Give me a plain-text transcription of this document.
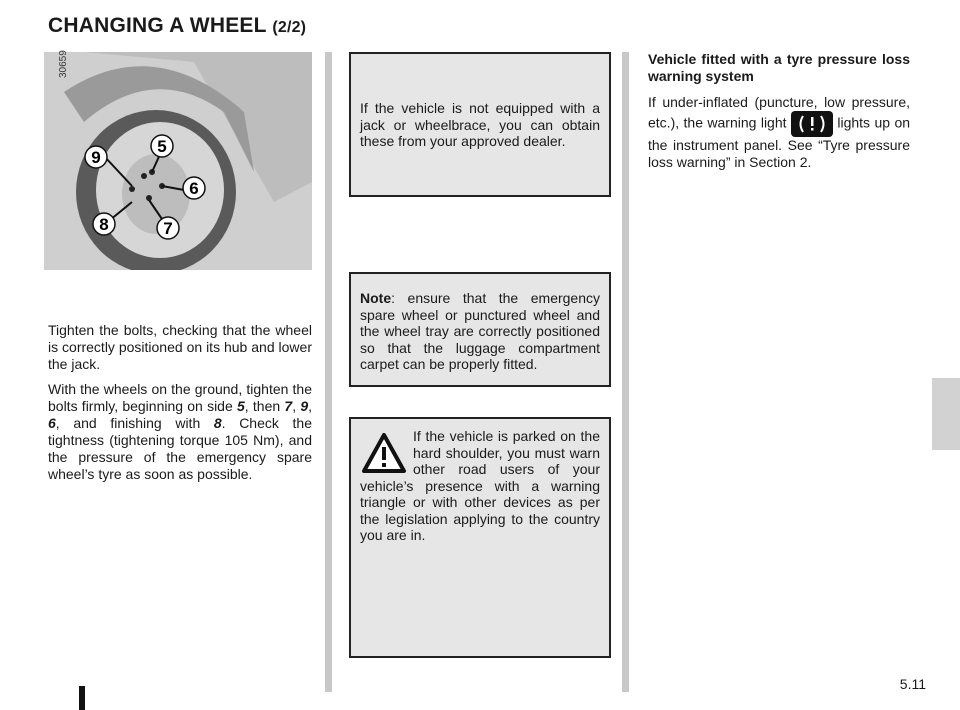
CHANGING A WHEEL (2/2)
9
5
6
8	7
30659
Tighten the bolts, checking that the wheel is correctly positioned on its hub and lower the jack.
With the wheels on the ground, tighten the bolts firmly, beginning on side 5, then 7, 9, 6, and finishing with 8. Check the tightness (tightening torque 105 Nm), and the pressure of the emergency spare wheel’s tyre as soon as possible.

If the vehicle is not equipped with a jack or wheelbrace, you can obtain these from your approved dealer.

Note: ensure that the emergency spare wheel or punctured wheel and the wheel tray are correctly positioned so that the luggage compartment carpet can be properly fitted.

If the vehicle is parked on the hard shoulder, you must warn other road users of your vehicle’s presence with a warning triangle or with other devices as per the legislation applying to the country you are in.

Vehicle fitted with a tyre pressure loss warning system
If under-inflated (puncture, low pressure, etc.), the warning light	lights up on the instrument panel. See “Tyre pressure loss warning” in Section 2.
5.11
